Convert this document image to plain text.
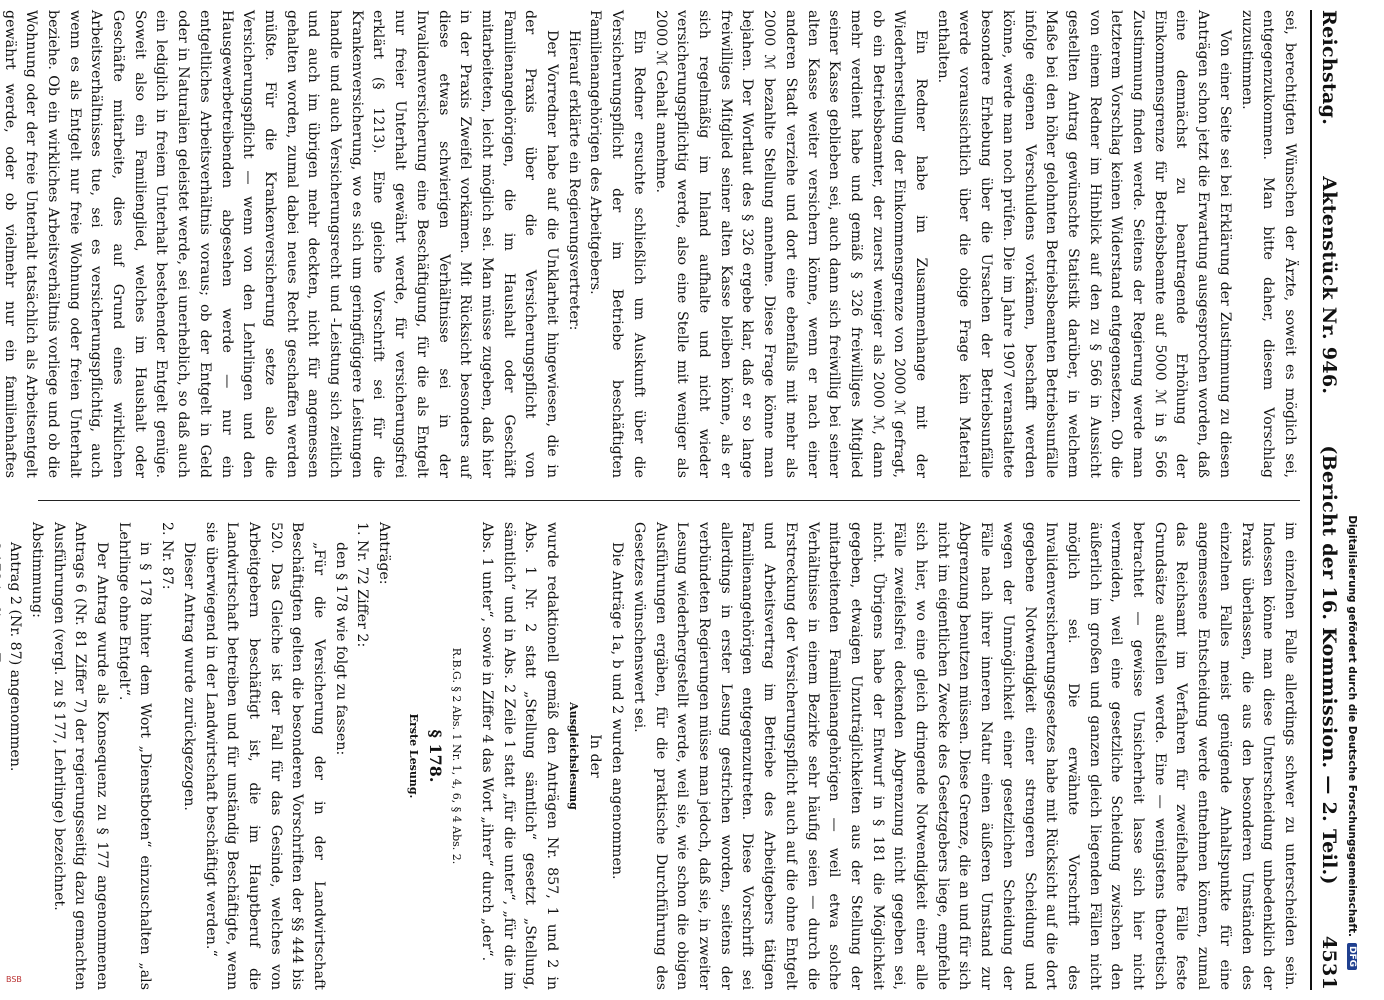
Reichstag.
Aktenstück Nr. 946.
(Bericht der 16. Kommission. — 2. Teil.)
4531

sei, berechtigten Wünschen der Ärzte, soweit es möglich sei, entgegenzukommen. Man bitte daher, diesem Vorschlag zuzustimmen.

Von einer Seite sei bei Erklärung der Zustimmung zu diesen Anträgen schon jetzt die Erwartung ausgesprochen worden, daß eine demnächst zu beantragende Erhöhung der Einkommensgrenze für Betriebsbeamte auf 5000 ℳ in § 566 Zustimmung finden werde. Seitens der Regierung werde man letzterem Vorschlag keinen Widerstand entgegensetzen. Ob die von einem Redner im Hinblick auf den zu § 566 in Aussicht gestellten Antrag gewünschte Statistik darüber, in welchem Maße bei den höher gelohnten Betriebsbeamten Betriebsunfälle infolge eigenen Verschuldens vorkämen, beschafft werden könne, werde man noch prüfen. Die im Jahre 1907 veranstaltete besondere Erhebung über die Ursachen der Betriebsunfälle werde voraussichtlich über die obige Frage kein Material enthalten.

Ein Redner habe im Zusammenhange mit der Wiederherstellung der Einkommensgrenze von 2000 ℳ gefragt, ob ein Betriebsbeamter, der zuerst weniger als 2000 ℳ, dann mehr verdient habe und gemäß § 326 freiwilliges Mitglied seiner Kasse geblieben sei, auch dann sich freiwillig bei seiner alten Kasse weiter versichern könne, wenn er nach einer anderen Stadt verziehe und dort eine ebenfalls mit mehr als 2000 ℳ bezahlte Stellung annehme. Diese Frage könne man bejahen. Der Wortlaut des § 326 ergebe klar, daß er so lange freiwilliges Mitglied seiner alten Kasse bleiben könne, als er sich regelmäßig im Inland aufhalte und nicht wieder versicherungspflichtig werde, also eine Stelle mit weniger als 2000 ℳ Gehalt annehme.

Ein Redner ersuchte schließlich um Auskunft über die Versicherungspflicht der im Betriebe beschäftigten Familienangehörigen des Arbeitgebers.

Hierauf erklärte ein Regierungsvertreter:

Der Vorredner habe auf die Unklarheit hingewiesen, die in der Praxis über die Versicherungspflicht von Familienangehörigen, die im Haushalt oder Geschäft mitarbeiteten, leicht möglich sei. Man müsse zugeben, daß hier in der Praxis Zweifel vorkämen. Mit Rücksicht besonders auf diese etwas schwierigen Verhältnisse sei in der Invalidenversicherung eine Beschäftigung, für die als Entgelt nur freier Unterhalt gewährt werde, für versicherungsfrei erklärt (§ 1213). Eine gleiche Vorschrift sei für die Krankenversicherung, wo es sich um geringfügigere Leistungen handle und auch Versicherungsrecht und -Leistung sich zeitlich und auch im übrigen mehr deckten, nicht für angemessen gehalten worden, zumal dabei neues Recht geschaffen werden müßte. Für die Krankenversicherung setze also die Versicherungspflicht — wenn von den Lehrlingen und den Hausgewerbetreibenden abgesehen werde — nur ein entgeltliches Arbeitsverhältnis voraus; ob der Entgelt in Geld oder in Naturalien geleistet werde, sei unerheblich, so daß auch ein lediglich in freiem Unterhalt bestehender Entgelt genüge. Soweit also ein Familienglied, welches im Haushalt oder Geschäfte mitarbeite, dies auf Grund eines wirklichen Arbeitsverhältnisses tue, sei es versicherungspflichtig, auch wenn es als Entgelt nur freie Wohnung oder freien Unterhalt beziehe. Ob ein wirkliches Arbeitsverhältnis vorliege und ob die Wohnung oder der freie Unterhalt tatsächlich als Arbeitsentgelt gewährt werde, oder ob vielmehr nur ein familienhaftes

im einzelnen Falle allerdings schwer zu unterscheiden sein. Indessen könne man diese Unterscheidung unbedenklich der Praxis überlassen, die aus den besonderen Umständen des einzelnen Falles meist genügende Anhaltspunkte für eine angemessene Entscheidung werde entnehmen können, zumal das Reichsamt im Verfahren für zweifelhafte Fälle feste Grundsätze aufstellen werde. Eine — wenigstens theoretisch betrachtet — gewisse Unsicherheit lasse sich hier nicht vermeiden, weil eine gesetzliche Scheidung zwischen den äußerlich im großen und ganzen gleich liegenden Fällen nicht möglich sei. Die erwähnte Vorschrift des Invalidenversicherungsgesetzes habe mit Rücksicht auf die dort gegebene Notwendigkeit einer strengeren Scheidung und wegen der Unmöglichkeit einer gesetzlichen Scheidung der Fälle nach ihrer inneren Natur einen äußeren Umstand zur Abgrenzung benutzen müssen. Diese Grenze, die an und für sich nicht im eigentlichen Zwecke des Gesetzgebers liege, empfehle sich hier, wo eine gleich dringende Notwendigkeit einer alle Fälle zweifelsfrei deckenden Abgrenzung nicht gegeben sei, nicht. Übrigens habe der Entwurf in § 181 die Möglichkeit gegeben, etwaigen Unzuträglichkeiten aus der Stellung der mitarbeitenden Familienangehörigen — weil etwa solche Verhältnisse in einem Bezirke sehr häufig seien — durch die Erstreckung der Versicherungspflicht auch auf die ohne Entgelt und Arbeitsvertrag im Betriebe des Arbeitgebers tätigen Familienangehörigen entgegenzutreten. Diese Vorschrift sei allerdings in erster Lesung gestrichen worden, seitens der verbündeten Regierungen müsse man jedoch, daß sie, in zweiter Lesung wiederhergestellt werde, weil sie, wie schon die obigen Ausführungen ergäben, für die praktische Durchführung des Gesetzes wünschenswert sei.

Die Anträge 1a, b und 2 wurden angenommen.

In der

Ausgleichslesung

wurde redaktionell gemäß den Anträgen Nr. 857, 1 und 2 in Abs. 1 Nr. 2 statt „Stellung sämtlich“ gesetzt „Stellung, sämtlich“ und in Abs. 2 Zeile 1 statt „für die unter“, „für die im Abs. 1 unter“, sowie in Ziffer 4 das Wort „ihrer“ durch „der“.

R.B.G. § 2 Abs. 1 Nr. 1, 4, 6, § 4 Abs. 2.

§ 178.

Erste Lesung.

Anträge:

1. Nr. 72 Ziffer 2:

den § 178 wie folgt zu fassen:

„Für die Versicherung der in der Landwirtschaft Beschäftigten gelten die besonderen Vorschriften der §§ 444 bis 520. Das Gleiche ist der Fall für das Gesinde, welches von Arbeitgebern beschäftigt ist, die im Hauptberuf die Landwirtschaft betreiben und für unständig Beschäftigte, wenn sie überwiegend in der Landwirtschaft beschäftigt werden.“

Dieser Antrag wurde zurückgezogen.

2. Nr. 87:

in § 178 hinter dem Wort „Dienstboten“ einzuschalten „als Lehrlinge ohne Entgelt“.

Der Antrag wurde als Konsequenz zu § 177 angenommenen Antrags 6 (Nr. 81 Ziffer 7) der regierungsseitig dazu gemachten Ausführungen (vergl. zu § 177, Lehrlinge) bezeichnet.

Abstimmung:

Antrag 2 (Nr. 87) angenommen.	Digitalisierung gefördert durch die Deutsche Forschungsgemeinschaft.
DFG
BSB
